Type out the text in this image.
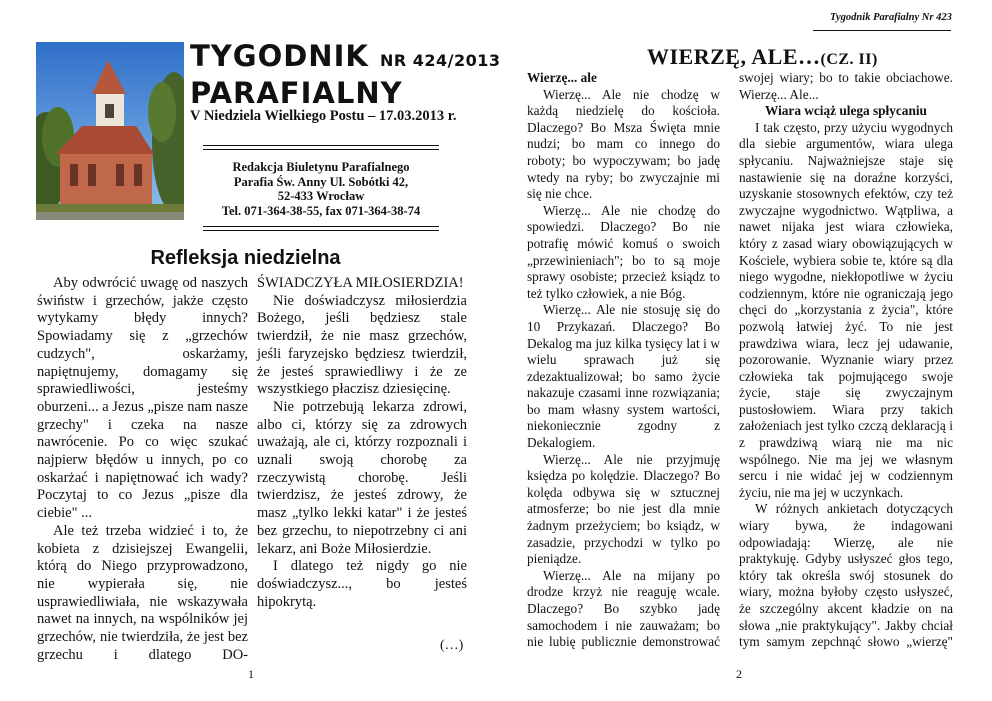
TYGODNIK NR 424/2013
PARAFIALNY
V Niedziela Wielkiego Postu – 17.03.2013 r.
Redakcja Biuletynu Parafialnego
Parafia Św. Anny Ul. Sobótki 42,
52-433 Wrocław
Tel. 071-364-38-55, fax 071-364-38-74
Refleksja niedzielna

Aby odwrócić uwagę od naszych świństw i grzechów, jakże często wytykamy błędy innych? Spowiadamy się z „grzechów cudzych", oskarżamy, napiętnujemy, domagamy się sprawiedliwości, jesteśmy oburzeni... a Jezus „pisze nam nasze grzechy" i czeka na nasze nawrócenie. Po co więc szukać najpierw błędów u innych, po co oskarżać i napiętnować ich wady? Poczytaj to co Jezus „pisze dla ciebie" ...

Ale też trzeba widzieć i to, że kobieta z dzisiejszej Ewangelii, którą do Niego przyprowadzono, nie wypierała się, nie usprawiedliwiała, nie wskazywała nawet na innych, na wspólników jej grzechów, nie twierdziła, że jest bez grzechu i dlatego DO-

ŚWIADCZYŁA MIŁOSIERDZIA!

Nie doświadczysz miłosierdzia Bożego, jeśli będziesz stale twierdził, że nie masz grzechów, jeśli faryzejsko będziesz twierdził, że jesteś sprawiedliwy i że ze wszystkiego płaczisz dziesięcinę.

Nie potrzebują lekarza zdrowi, albo ci, którzy się za zdrowych uważają, ale ci, którzy rozpoznali i uznali swoją chorobę za rzeczywistą chorobę. Jeśli twierdzisz, że jesteś zdrowy, że masz „tylko lekki katar" i że jesteś bez grzechu, to niepotrzebny ci ani lekarz, ani Boże Miłosierdzie.

I dlatego też nigdy go nie doświadczysz..., bo jesteś hipokrytą.

(…)
1
Tygodnik Parafialny Nr 423
WIERZĘ, ALE…(CZ. II)

Wierzę... ale

Wierzę... Ale nie chodzę w każdą niedzielę do kościoła. Dlaczego? Bo Msza Święta mnie nudzi; bo mam co innego do roboty; bo wypoczywam; bo jadę wtedy na ryby; bo zwyczajnie mi się nie chce.

Wierzę... Ale nie chodzę do spowiedzi. Dlaczego? Bo nie potrafię mówić komuś o swoich „przewinieniach"; bo to są moje sprawy osobiste; przecież ksiądz to też tylko człowiek, a nie Bóg.

Wierzę... Ale nie stosuję się do 10 Przykazań. Dlaczego? Bo Dekalog ma juz kilka tysięcy lat i w wielu sprawach już się zdezaktualizował; bo samo życie nakazuje czasami inne rozwiązania; bo mam własny system wartości, niekoniecznie zgodny z Dekalogiem.

Wierzę... Ale nie przyjmuję księdza po kolędzie. Dlaczego? Bo kolęda odbywa się w sztucznej atmosferze; bo nie jest dla mnie żadnym przeżyciem; bo ksiądz, w zasadzie, przychodzi w tylko po pieniądze.

Wierzę... Ale na mijany po drodze krzyż nie reaguję wcale. Dlaczego? Bo szybko jadę samochodem i nie zauważam; bo nie lubię publicznie demonstrować

swojej wiary; bo to takie obciachowe. Wierzę... Ale...

Wiara wciąż ulega spłycaniu

I tak często, przy użyciu wygodnych dla siebie argumentów, wiara ulega spłycaniu. Najważniejsze staje się nastawienie się na doraźne korzyści, uzyskanie stosownych efektów, czy też zwyczajne wygodnictwo. Wątpliwa, a nawet nijaka jest wiara człowieka, który z zasad wiary obowiązujących w Kościele, wybiera sobie te, które są dla niego wygodne, niekłopotliwe w życiu codziennym, które nie ograniczają jego chęci do „korzystania z życia", które pozwolą łatwiej żyć. To nie jest prawdziwa wiara, lecz jej udawanie, pozorowanie. Wyznanie wiary przez człowieka tak pojmującego swoje życie, staje się zwyczajnym pustosłowiem. Wiara przy takich założeniach jest tylko czczą deklaracją i z prawdziwą wiarą nie ma nic wspólnego. Nie ma jej we własnym sercu i nie widać jej w codziennym życiu, nie ma jej w uczynkach.

W różnych ankietach dotyczących wiary bywa, że indagowani odpowiadają: Wierzę, ale nie praktykuję. Gdyby usłyszeć głos tego, który tak określa swój stosunek do wiary, można byłoby często usłyszeć, że szczególny akcent kładzie on na słowa „nie praktykujący". Jakby chciał tym samym zepchnąć słowo „wierzę"

2
